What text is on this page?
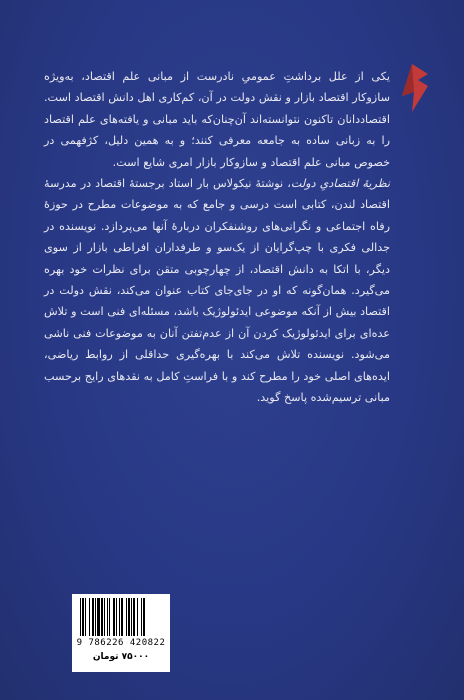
یکی از علل برداشتِ عمومیِ نادرست از مبانی علم اقتصاد، به‌ویژه سازوکار اقتصاد بازار و نقش دولت در آن، کم‌کاری اهل دانش اقتصاد است. اقتصاددانان تاکنون نتوانسته‌اند آن‌چنان‌که باید مبانی و یافته‌های علم اقتصاد را به زبانی ساده به جامعه معرفی کنند؛ و به همین دلیل، کژفهمی در خصوص مبانی علم اقتصاد و سازوکار بازار امری شایع است.

نظریهٔ اقتصادیِ دولت، نوشتهٔ نیکولاس بار استاد برجستهٔ اقتصاد در مدرسهٔ اقتصاد لندن، کتابی است درسی و جامع که به موضوعات مطرح در حوزهٔ رفاه اجتماعی و نگرانی‌های روشنفکران دربارهٔ آنها می‌پردازد. نویسنده در جدالی فکری با چپ‌گرایان از یک‌سو و طرفداران افراطی بازار از سوی دیگر، با اتکا به دانش اقتصاد، از چهارچوبی متقن برای نظرات خود بهره می‌گیرد. همان‌گونه که او در جای‌جای کتاب عنوان می‌کند، نقش دولت در اقتصاد بیش از آنکه موضوعی ایدئولوژیک باشد، مسئله‌ای فنی است و تلاش عده‌ای برای ایدئولوژیک کردن آن از عدم‌تفتن آنان به موضوعات فنی ناشی می‌شود. نویسنده تلاش می‌کند با بهره‌گیری حداقلی از روابط ریاضی، ایده‌های اصلی خود را مطرح کند و با فراستِ کامل به نقدهای رایج برحسب مبانی ترسیم‌شده پاسخ گوید.

9 786226 420822
۷۵۰۰۰ تومان
